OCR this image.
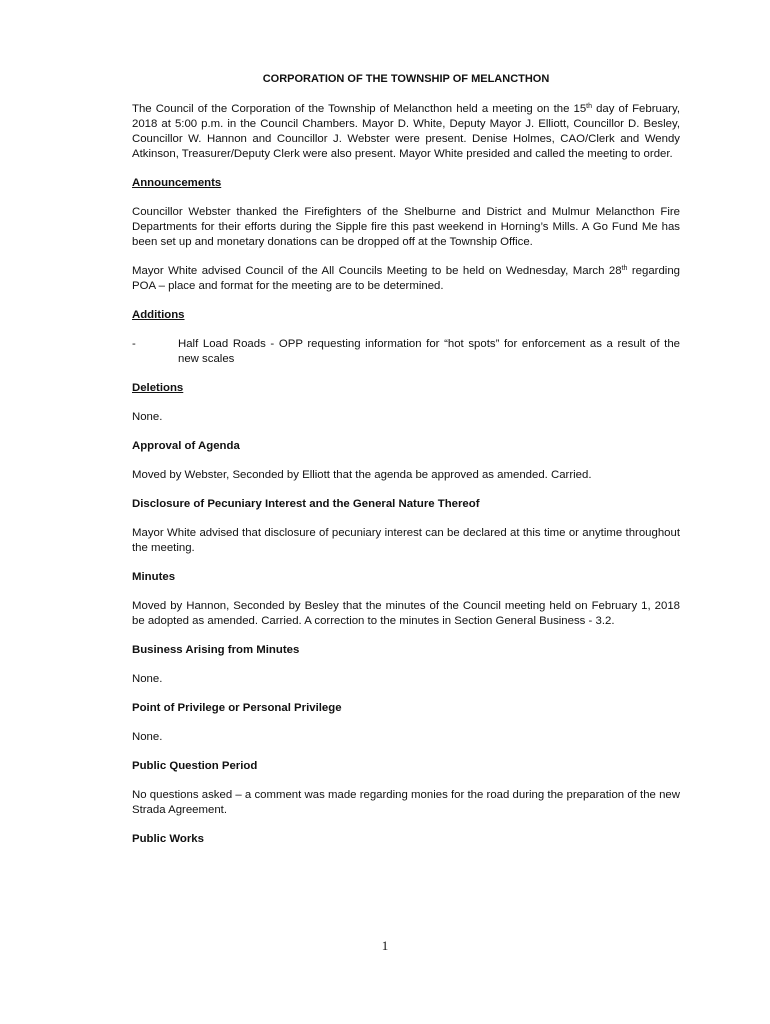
CORPORATION OF THE TOWNSHIP OF MELANCTHON

The Council of the Corporation of the Township of Melancthon held a meeting on the 15th day of February, 2018 at 5:00 p.m. in the Council Chambers. Mayor D. White, Deputy Mayor J. Elliott, Councillor D. Besley, Councillor W. Hannon and Councillor J. Webster were present. Denise Holmes, CAO/Clerk and Wendy Atkinson, Treasurer/Deputy Clerk were also present. Mayor White presided and called the meeting to order.

Announcements

Councillor Webster thanked the Firefighters of the Shelburne and District and Mulmur Melancthon Fire Departments for their efforts during the Sipple fire this past weekend in Horning’s Mills. A Go Fund Me has been set up and monetary donations can be dropped off at the Township Office.

Mayor White advised Council of the All Councils Meeting to be held on Wednesday, March 28th regarding POA – place and format for the meeting are to be determined.

Additions
-	Half Load Roads - OPP requesting information for “hot spots” for enforcement as a result of the new scales
Deletions

None.

Approval of Agenda

Moved by Webster, Seconded by Elliott that the agenda be approved as amended. Carried.

Disclosure of Pecuniary Interest and the General Nature Thereof

Mayor White advised that disclosure of pecuniary interest can be declared at this time or anytime throughout the meeting.

Minutes

Moved by Hannon, Seconded by Besley that the minutes of the Council meeting held on February 1, 2018 be adopted as amended. Carried. A correction to the minutes in Section General Business - 3.2.

Business Arising from Minutes

None.

Point of Privilege or Personal Privilege

None.

Public Question Period

No questions asked – a comment was made regarding monies for the road during the preparation of the new Strada Agreement.

Public Works
1
